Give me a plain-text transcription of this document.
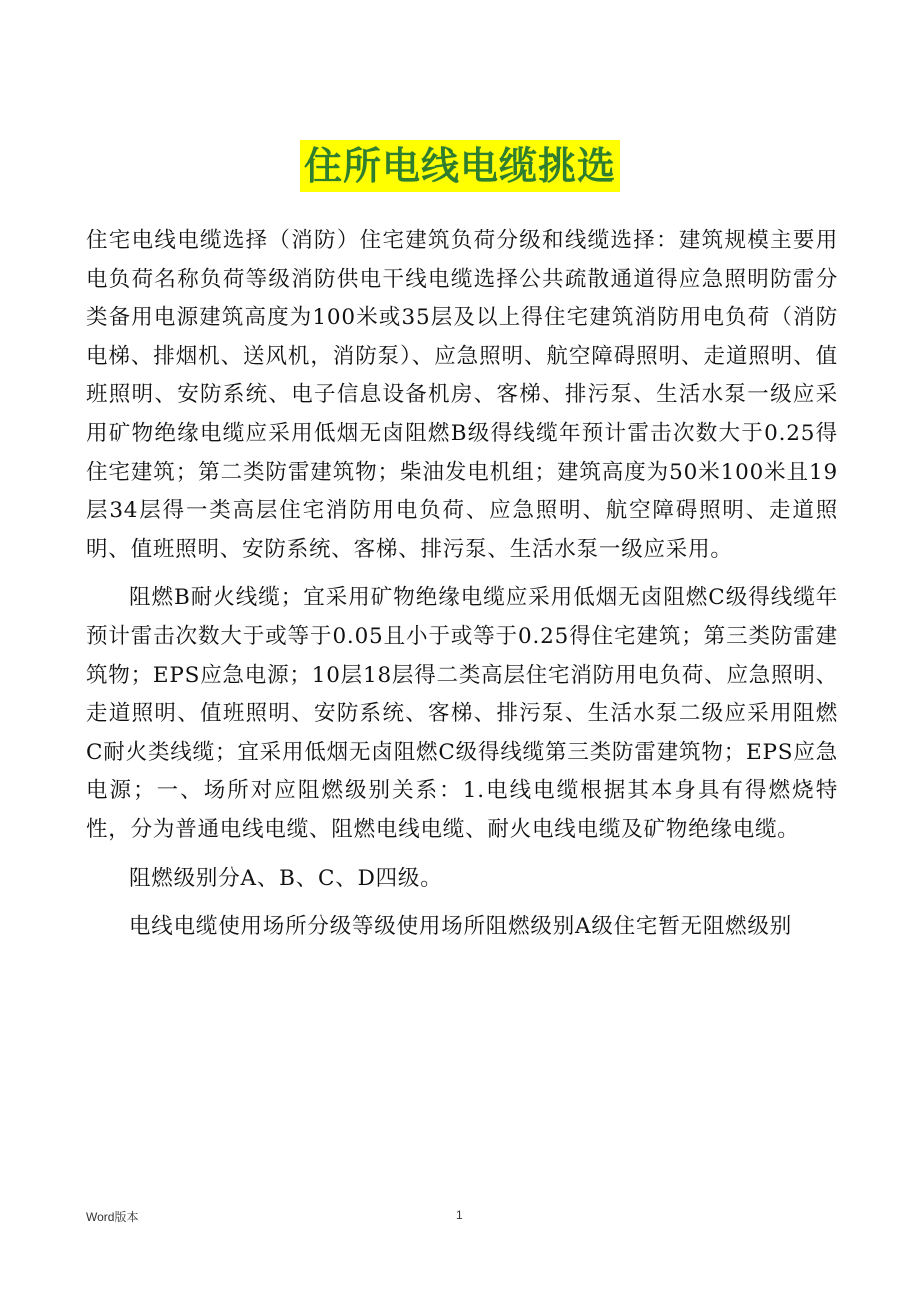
住所电线电缆挑选

住宅电线电缆选择（消防）住宅建筑负荷分级和线缆选择：建筑规模主要用电负荷名称负荷等级消防供电干线电缆选择公共疏散通道得应急照明防雷分类备用电源建筑高度为100米或35层及以上得住宅建筑消防用电负荷（消防电梯、排烟机、送风机，消防泵）、应急照明、航空障碍照明、走道照明、值班照明、安防系统、电子信息设备机房、客梯、排污泵、生活水泵一级应采用矿物绝缘电缆应采用低烟无卤阻燃B级得线缆年预计雷击次数大于0.25得住宅建筑；第二类防雷建筑物；柴油发电机组；建筑高度为50米100米且19层34层得一类高层住宅消防用电负荷、应急照明、航空障碍照明、走道照明、值班照明、安防系统、客梯、排污泵、生活水泵一级应采用。

阻燃B耐火线缆；宜采用矿物绝缘电缆应采用低烟无卤阻燃C级得线缆年预计雷击次数大于或等于0.05且小于或等于0.25得住宅建筑；第三类防雷建筑物；EPS应急电源；10层18层得二类高层住宅消防用电负荷、应急照明、走道照明、值班照明、安防系统、客梯、排污泵、生活水泵二级应采用阻燃C耐火类线缆；宜采用低烟无卤阻燃C级得线缆第三类防雷建筑物；EPS应急电源；一、场所对应阻燃级别关系：1.电线电缆根据其本身具有得燃烧特性，分为普通电线电缆、阻燃电线电缆、耐火电线电缆及矿物绝缘电缆。

阻燃级别分A、B、C、D四级。

电线电缆使用场所分级等级使用场所阻燃级别A级住宅暂无阻燃级别

Word版本	1
